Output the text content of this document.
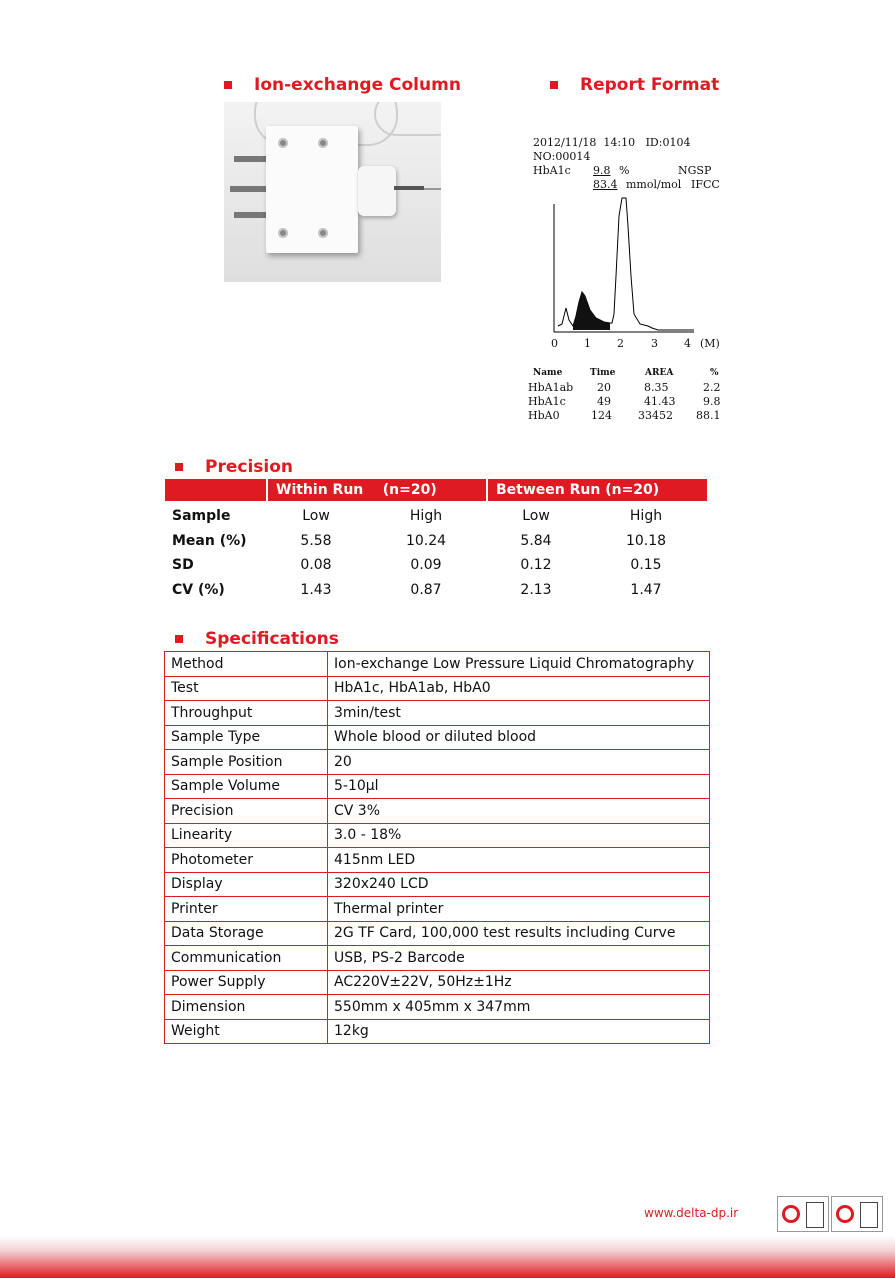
Ion-exchange Column	Report Format
2012/11/18  14:10   ID:0104
NO:00014
HbA1c 9.8 %	NGSP
83.4 mmol/mol IFCC
0 1 2 3 4 (M)
Name	Time	AREA	%
HbA1ab 20	8.35	2.2
HbA1c	49	41.43	9.8
HbA0	124 33452 88.1
Precision
Within Run    (n=20)	Between Run (n=20)
Sample	Low	High	Low	High
Mean (%)	5.58	10.24	5.84	10.18
SD	0.08	0.09	0.12	0.15
CV (%)	1.43	0.87	2.13	1.47
Specifications
Method	Ion-exchange Low Pressure Liquid Chromatography
Test	HbA1c, HbA1ab, HbA0
Throughput	3min/test
Sample Type	Whole blood or diluted blood
Sample Position	20
Sample Volume	5-10μl
Precision	CV 3%
Linearity	3.0 - 18%
Photometer	415nm LED
Display	320x240 LCD
Printer	Thermal printer
Data Storage	2G TF Card, 100,000 test results including Curve
Communication	USB, PS-2 Barcode
Power Supply	AC220V±22V, 50Hz±1Hz
Dimension	550mm x 405mm x 347mm
Weight	12kg
www.delta-dp.ir
